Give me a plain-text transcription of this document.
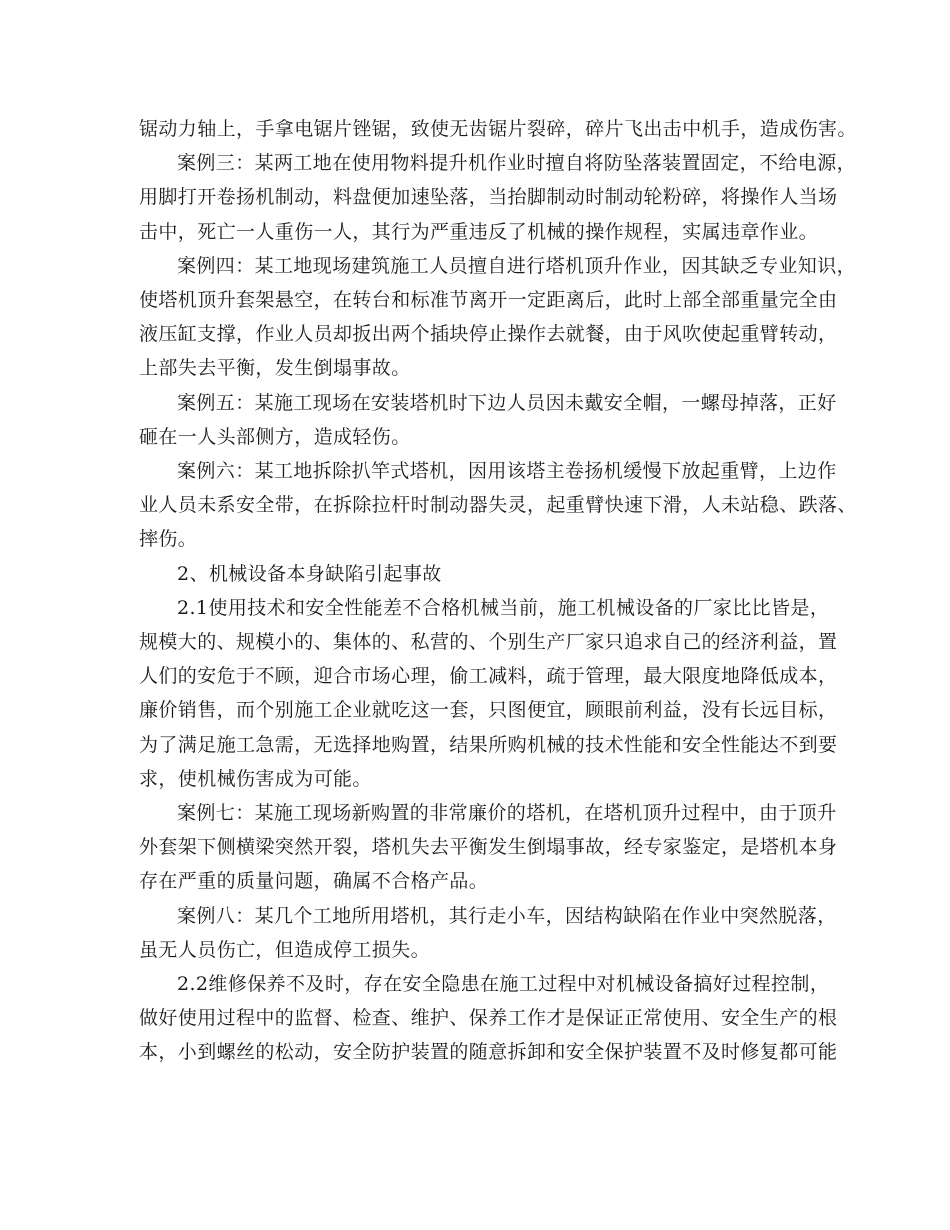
锯动力轴上，手拿电锯片锉锯，致使无齿锯片裂碎，碎片飞出击中机手，造成伤害。
案例三：某两工地在使用物料提升机作业时擅自将防坠落装置固定，不给电源，
用脚打开卷扬机制动，料盘便加速坠落，当抬脚制动时制动轮粉碎，将操作人当场
击中，死亡一人重伤一人，其行为严重违反了机械的操作规程，实属违章作业。
案例四：某工地现场建筑施工人员擅自进行塔机顶升作业，因其缺乏专业知识，
使塔机顶升套架悬空，在转台和标准节离开一定距离后，此时上部全部重量完全由
液压缸支撑，作业人员却扳出两个插块停止操作去就餐，由于风吹使起重臂转动，
上部失去平衡，发生倒塌事故。
案例五：某施工现场在安装塔机时下边人员因未戴安全帽，一螺母掉落，正好
砸在一人头部侧方，造成轻伤。
案例六：某工地拆除扒竿式塔机，因用该塔主卷扬机缓慢下放起重臂，上边作
业人员未系安全带，在拆除拉杆时制动器失灵，起重臂快速下滑，人未站稳、跌落、
摔伤。
2、机械设备本身缺陷引起事故
2.1使用技术和安全性能差不合格机械当前，施工机械设备的厂家比比皆是，
规模大的、规模小的、集体的、私营的、个别生产厂家只追求自己的经济利益，置
人们的安危于不顾，迎合市场心理，偷工减料，疏于管理，最大限度地降低成本，
廉价销售，而个别施工企业就吃这一套，只图便宜，顾眼前利益，没有长远目标，
为了满足施工急需，无选择地购置，结果所购机械的技术性能和安全性能达不到要
求，使机械伤害成为可能。
案例七：某施工现场新购置的非常廉价的塔机，在塔机顶升过程中，由于顶升
外套架下侧横梁突然开裂，塔机失去平衡发生倒塌事故，经专家鉴定，是塔机本身
存在严重的质量问题，确属不合格产品。
案例八：某几个工地所用塔机，其行走小车，因结构缺陷在作业中突然脱落，
虽无人员伤亡，但造成停工损失。
2.2维修保养不及时，存在安全隐患在施工过程中对机械设备搞好过程控制，
做好使用过程中的监督、检查、维护、保养工作才是保证正常使用、安全生产的根
本，小到螺丝的松动，安全防护装置的随意拆卸和安全保护装置不及时修复都可能
